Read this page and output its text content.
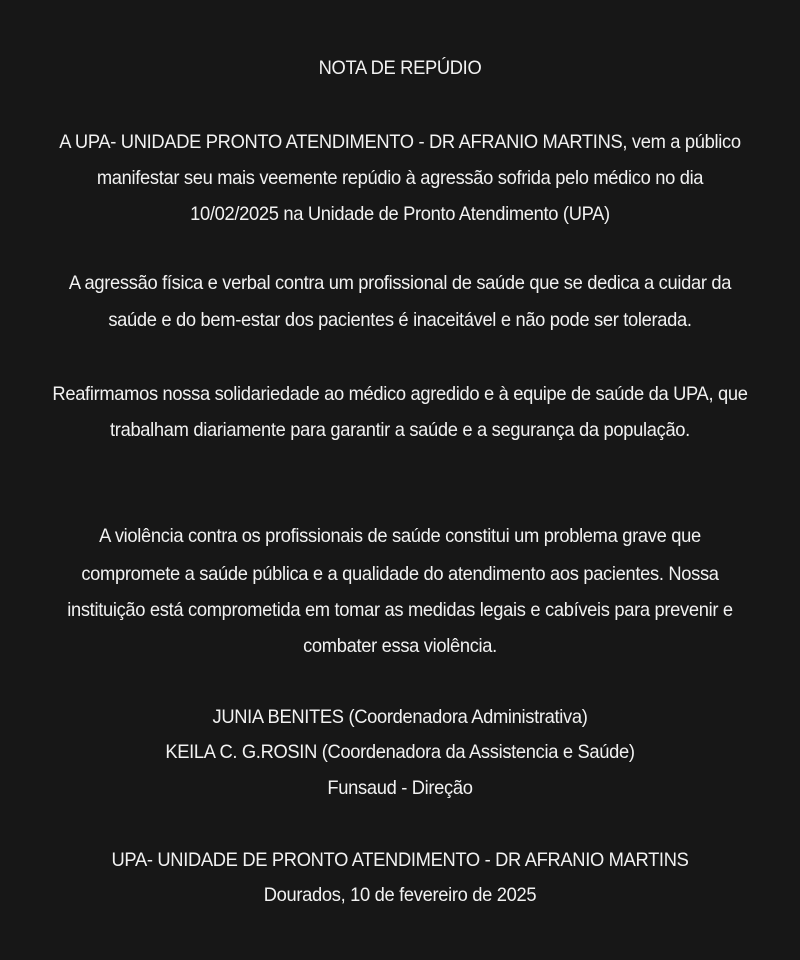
NOTA DE REPÚDIO
A UPA- UNIDADE PRONTO ATENDIMENTO - DR AFRANIO MARTINS, vem a público
manifestar seu mais veemente repúdio à agressão sofrida pelo médico no dia
10/02/2025 na Unidade de Pronto Atendimento (UPA)
A agressão física e verbal contra um profissional de saúde que se dedica a cuidar da
saúde e do bem-estar dos pacientes é inaceitável e não pode ser tolerada.
Reafirmamos nossa solidariedade ao médico agredido e à equipe de saúde da UPA, que
trabalham diariamente para garantir a saúde e a segurança da população.
A violência contra os profissionais de saúde constitui um problema grave que
compromete a saúde pública e a qualidade do atendimento aos pacientes. Nossa
instituição está comprometida em tomar as medidas legais e cabíveis para prevenir e
combater essa violência.
JUNIA BENITES (Coordenadora Administrativa)
KEILA C. G.ROSIN (Coordenadora da Assistencia e Saúde)
Funsaud - Direção
UPA- UNIDADE DE PRONTO ATENDIMENTO - DR AFRANIO MARTINS
Dourados, 10 de fevereiro de 2025
